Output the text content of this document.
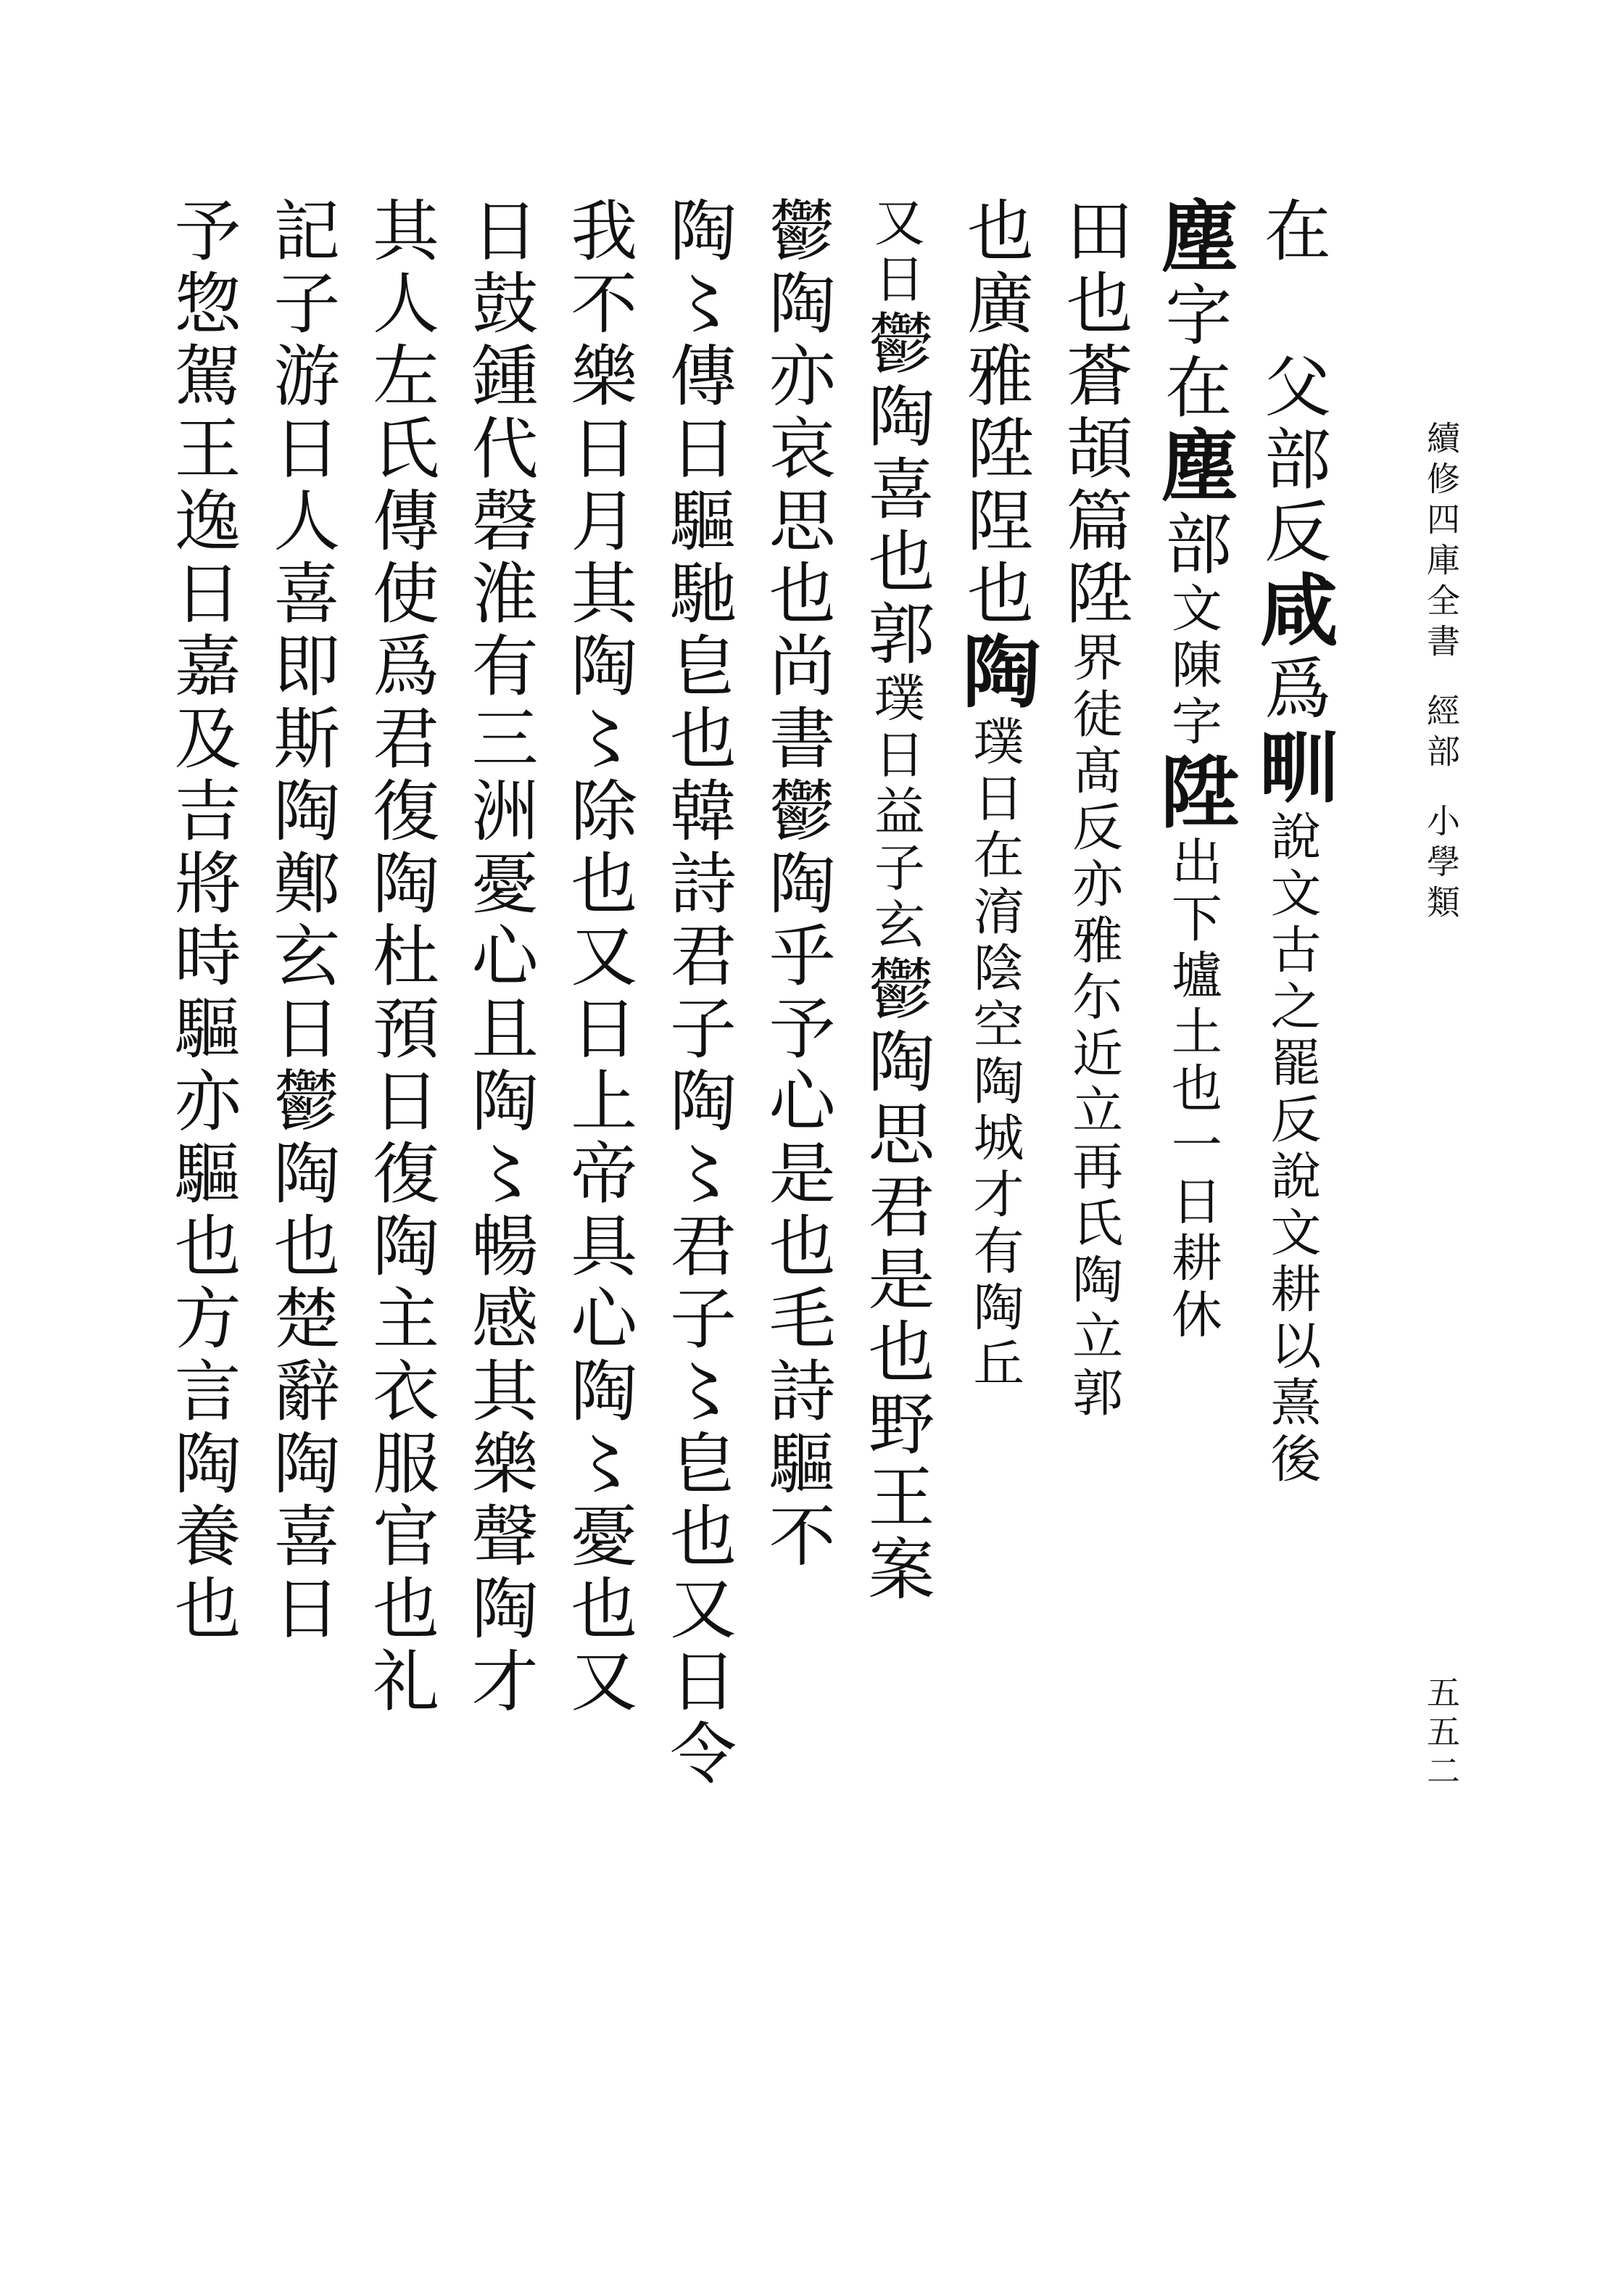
續修四庫全書經部小學類
五五二
在 父部反咸爲甽說文古之罷反說文耕以熹後
塵字在塵部文陳字陞出下壚土也一日耕休
田也蒼頡篇陞界徒髙反亦雅尓近立再氏陶立郭
也廣雅陞陧也陶璞日在淯陰空陶城才有陶丘
又日鬱陶喜也郭璞日益子玄鬱陶思君是也野王案
鬱陶亦哀思也尚書鬱陶乎予心是也毛詩驅不
陶〻傳日驅馳皀也韓詩君子陶〻君子〻皀也又日令
我不樂日月其陶〻除也又日上帝具心陶〻憂也又
日鼓鍾代磬淮有三洲憂心且陶〻暢感其樂聲陶才
其人左氏傳使爲君復陶杜預日復陶主衣服官也礼
記子游日人喜即斯陶鄭玄日鬱陶也楚辭陶喜日
予惣駕王逸日嘉及吉將時驅亦驅也方言陶養也
